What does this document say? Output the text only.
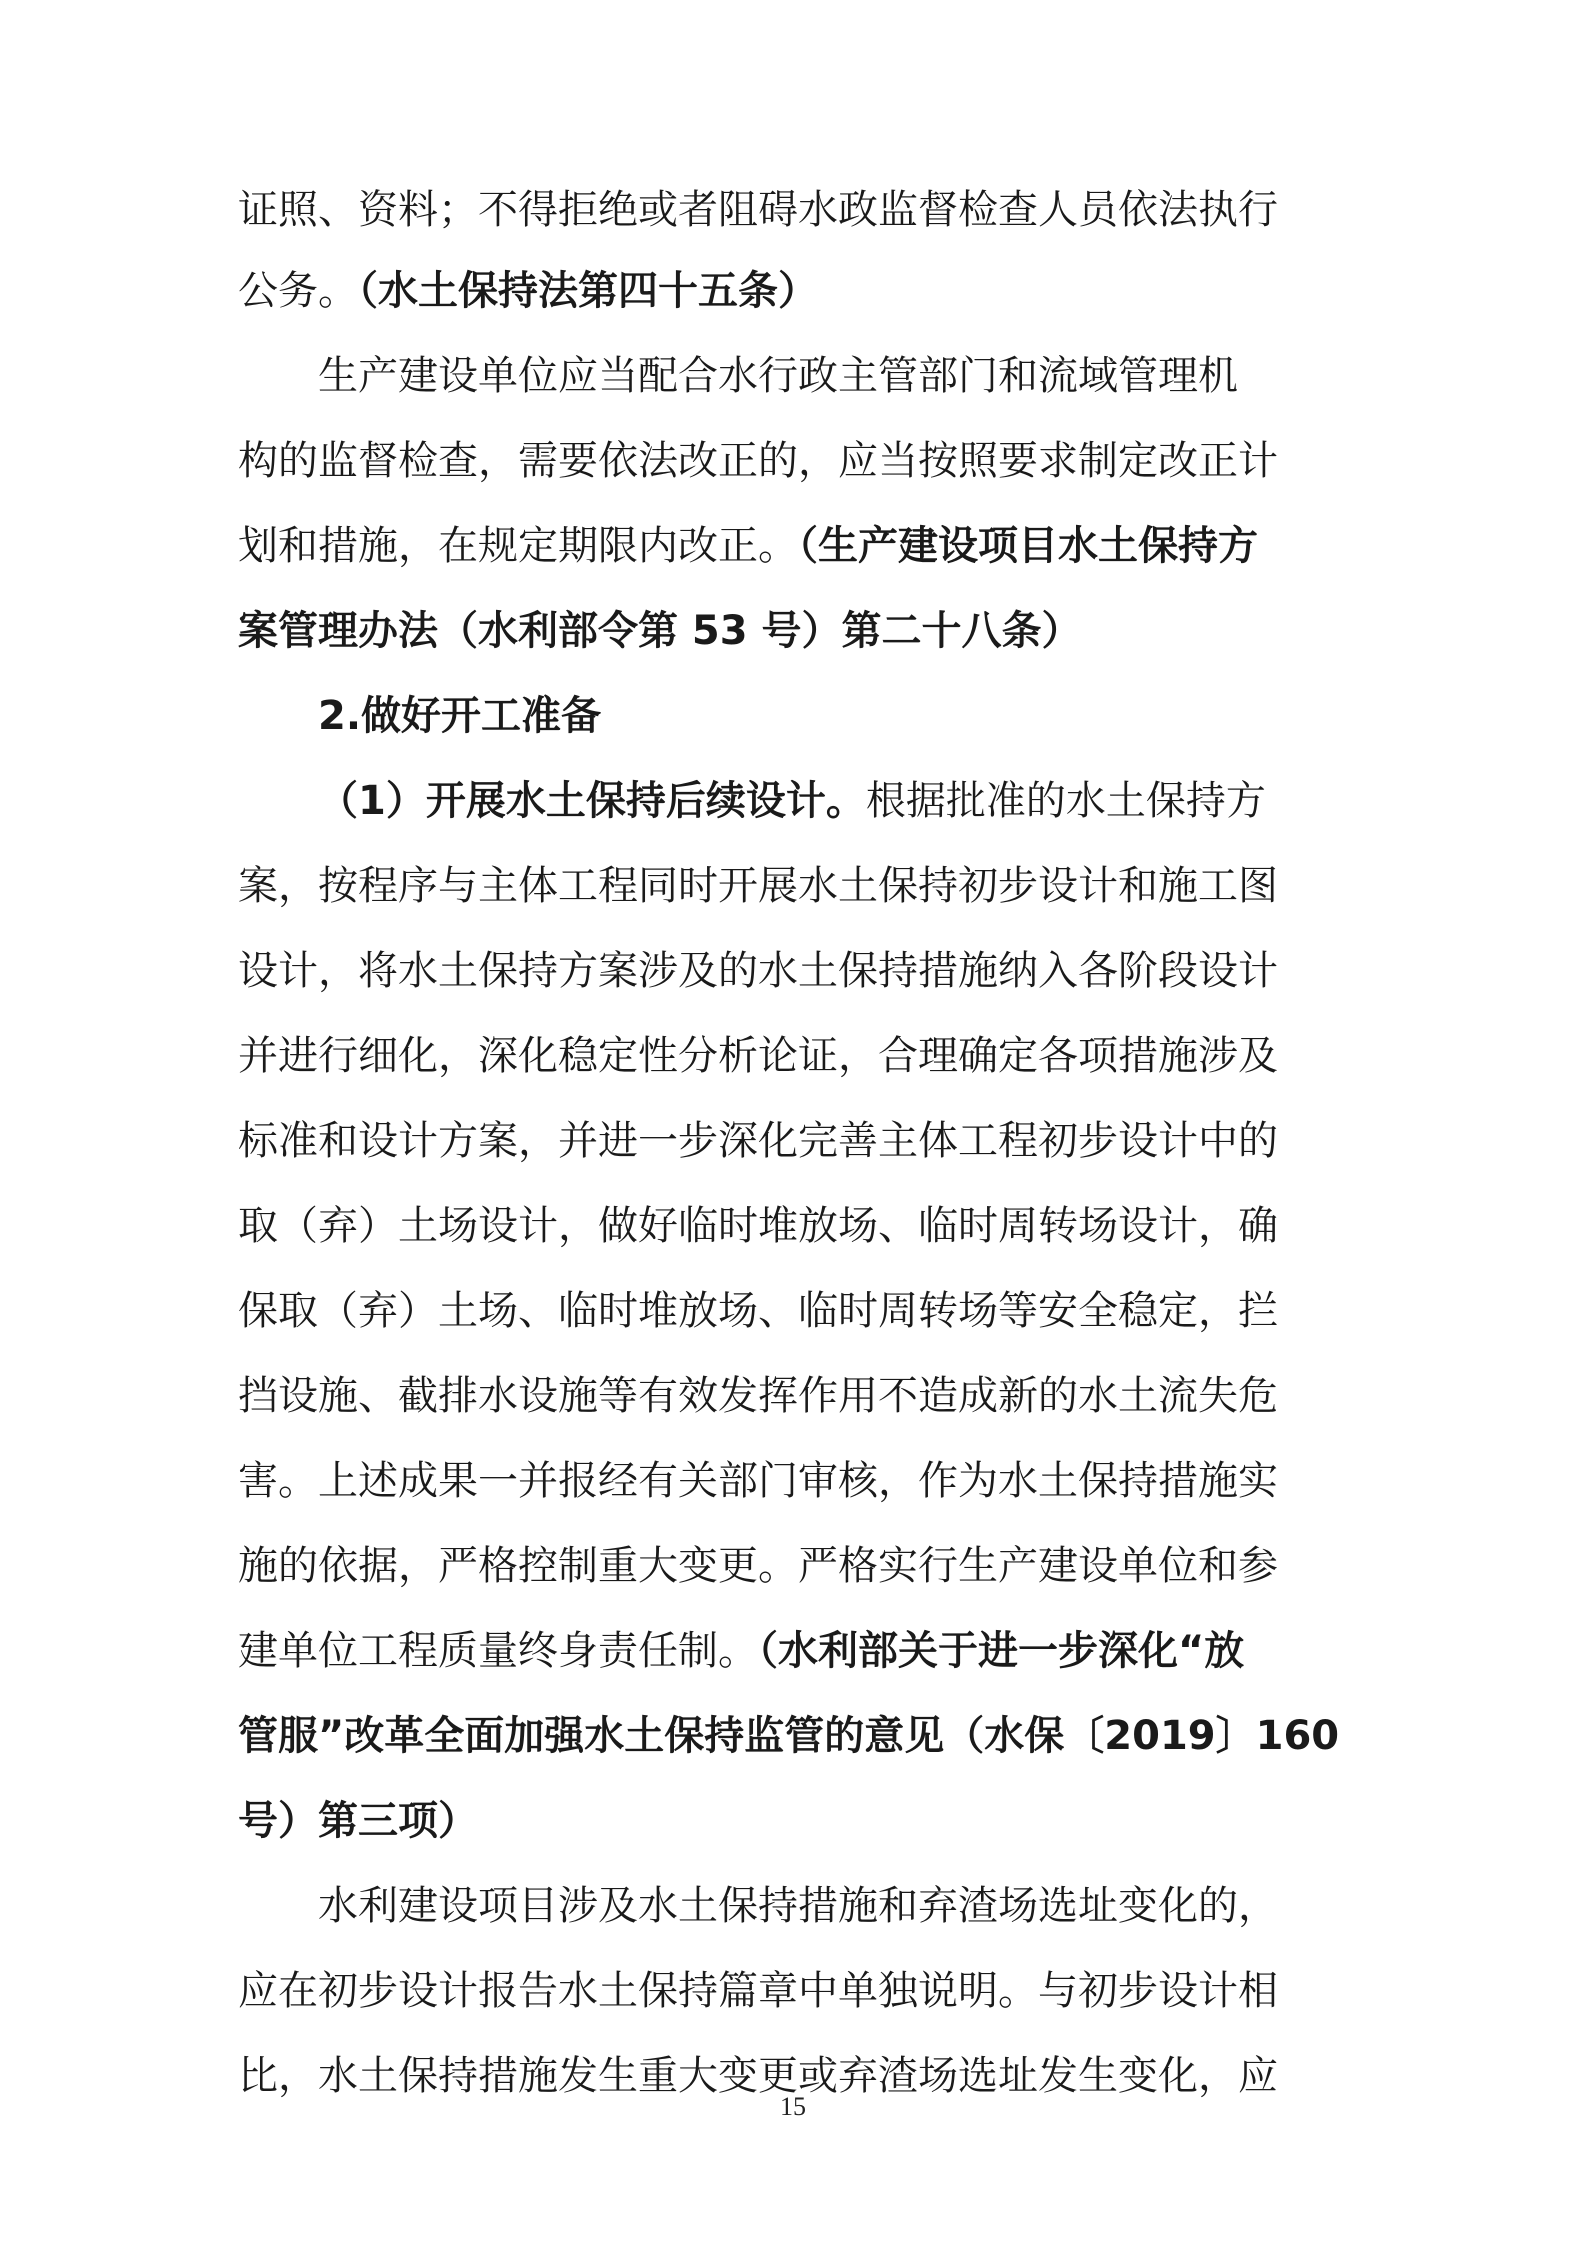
证照、资料；不得拒绝或者阻碍水政监督检查人员依法执行
公务。（水土保持法第四十五条）
生产建设单位应当配合水行政主管部门和流域管理机
构的监督检查，需要依法改正的，应当按照要求制定改正计
划和措施，在规定期限内改正。（生产建设项目水土保持方
案管理办法（水利部令第 53 号）第二十八条）
2.做好开工准备
（1）开展水土保持后续设计。根据批准的水土保持方
案，按程序与主体工程同时开展水土保持初步设计和施工图
设计，将水土保持方案涉及的水土保持措施纳入各阶段设计
并进行细化，深化稳定性分析论证，合理确定各项措施涉及
标准和设计方案，并进一步深化完善主体工程初步设计中的
取（弃）土场设计，做好临时堆放场、临时周转场设计，确
保取（弃）土场、临时堆放场、临时周转场等安全稳定，拦
挡设施、截排水设施等有效发挥作用不造成新的水土流失危
害。上述成果一并报经有关部门审核，作为水土保持措施实
施的依据，严格控制重大变更。严格实行生产建设单位和参
建单位工程质量终身责任制。（水利部关于进一步深化“放
管服”改革全面加强水土保持监管的意见（水保〔2019〕160
号）第三项）
水利建设项目涉及水土保持措施和弃渣场选址变化的，
应在初步设计报告水土保持篇章中单独说明。与初步设计相
比，水土保持措施发生重大变更或弃渣场选址发生变化，应
15
